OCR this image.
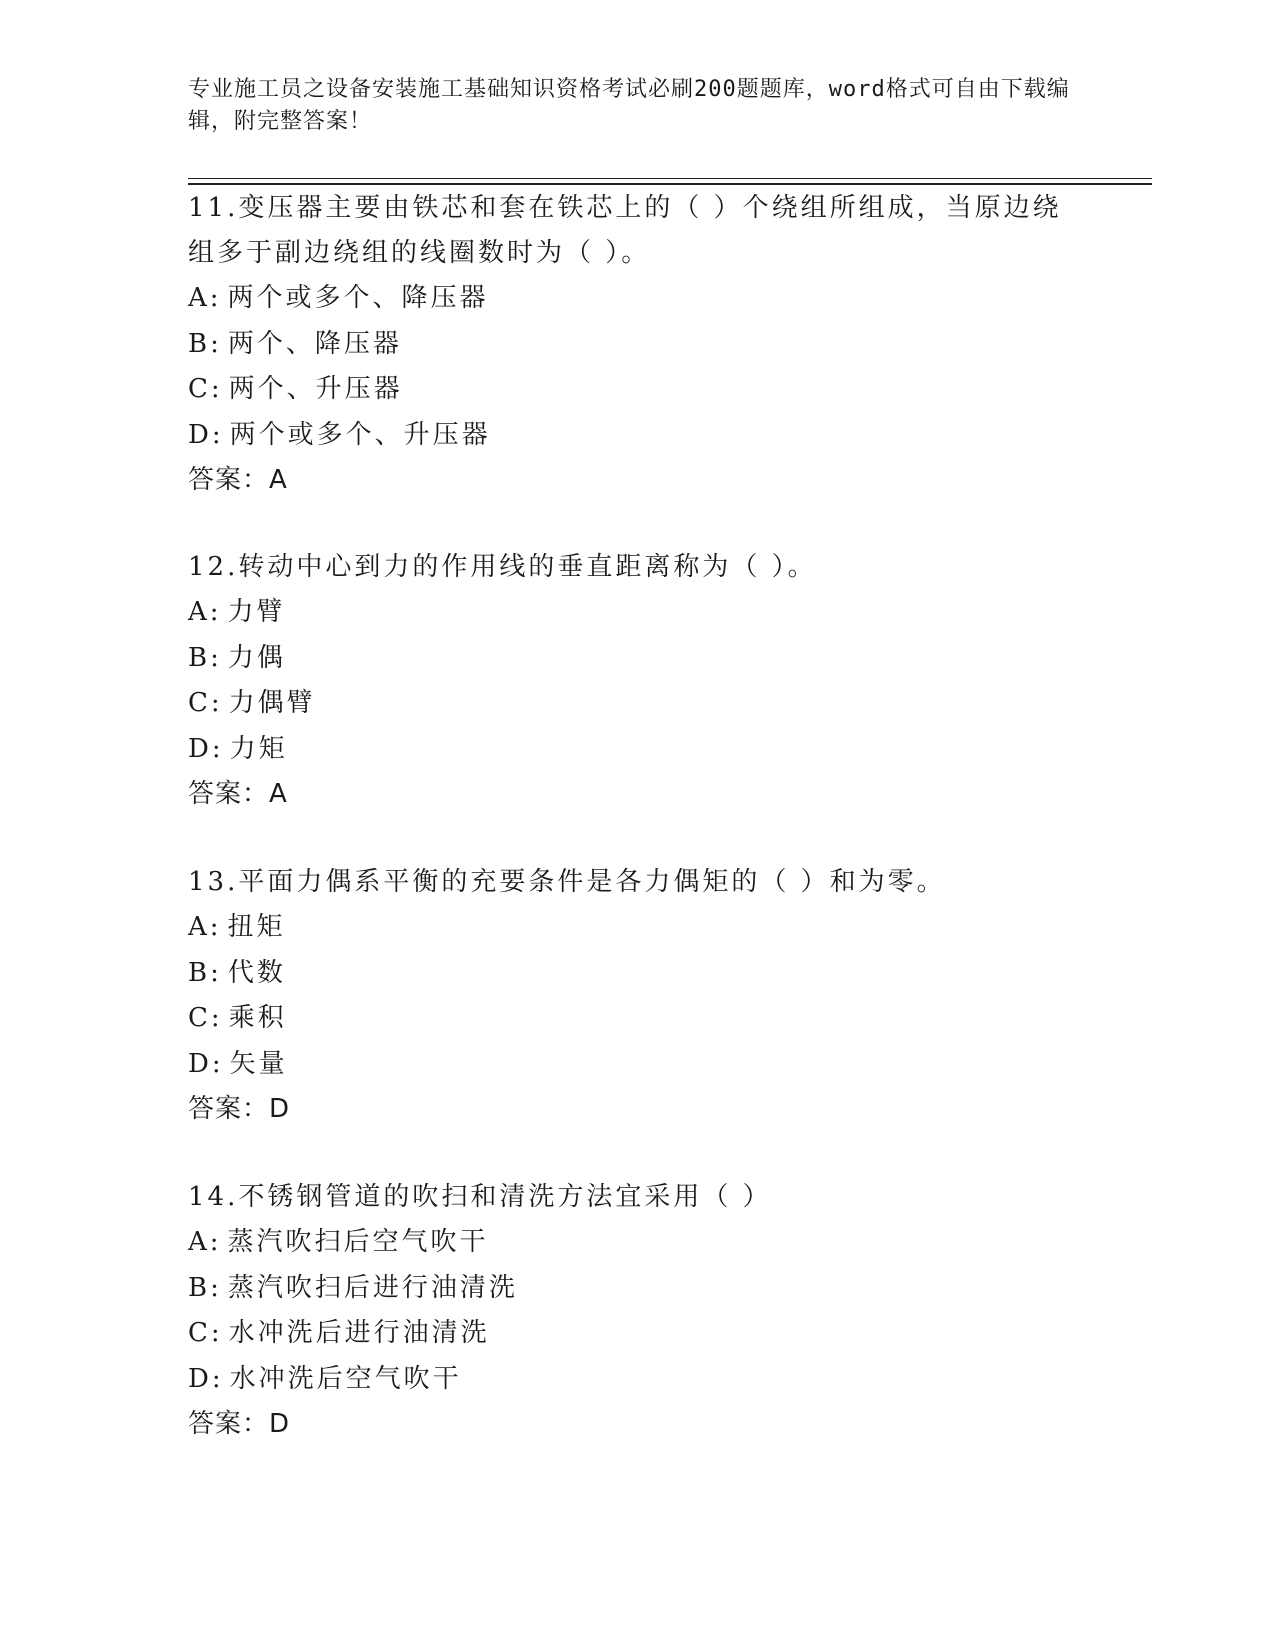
专业施工员之设备安装施工基础知识资格考试必刷200题题库，word格式可自由下载编辑，附完整答案！

11.变压器主要由铁芯和套在铁芯上的（ ）个绕组所组成，当原边绕组多于副边绕组的线圈数时为（ ）。

A: 两个或多个、降压器

B: 两个、降压器

C: 两个、升压器

D: 两个或多个、升压器

答案：A

12.转动中心到力的作用线的垂直距离称为（ ）。

A: 力臂

B: 力偶

C: 力偶臂

D: 力矩

答案：A

13.平面力偶系平衡的充要条件是各力偶矩的（ ）和为零。

A: 扭矩

B: 代数

C: 乘积

D: 矢量

答案：D

14.不锈钢管道的吹扫和清洗方法宜采用（ ）

A: 蒸汽吹扫后空气吹干

B: 蒸汽吹扫后进行油清洗

C: 水冲洗后进行油清洗

D: 水冲洗后空气吹干

答案：D
